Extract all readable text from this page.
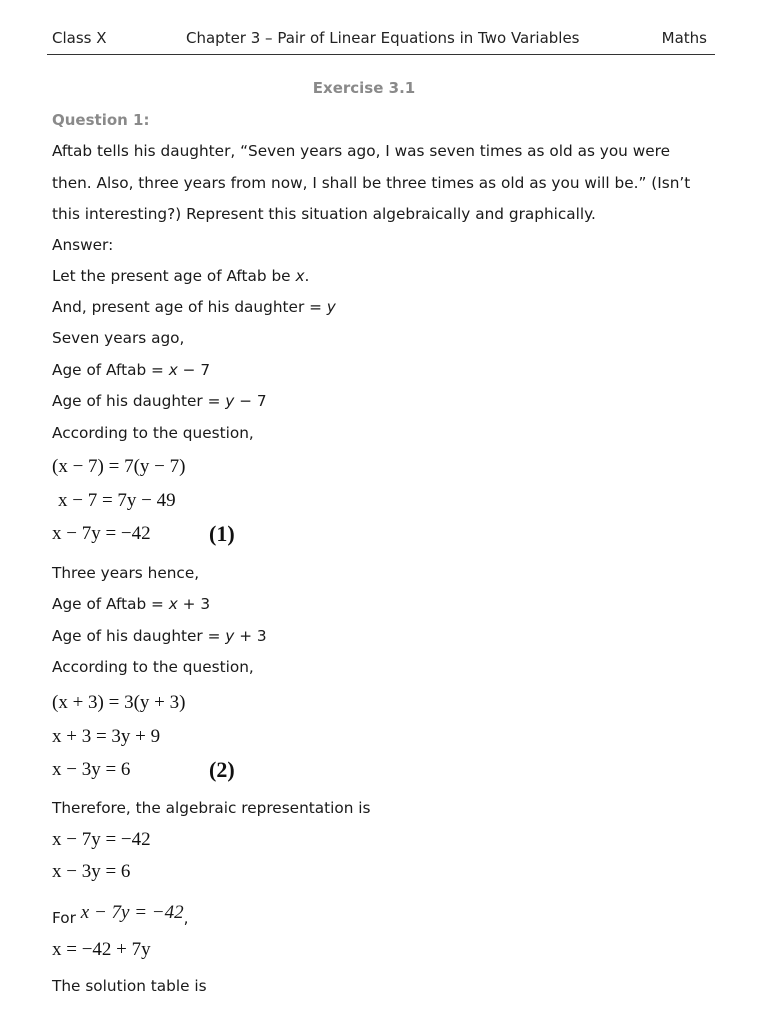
Class X	Chapter 3 – Pair of Linear Equations in Two Variables	Maths
Exercise 3.1
Question 1:
Aftab tells his daughter, “Seven years ago, I was seven times as old as you were
then. Also, three years from now, I shall be three times as old as you will be.” (Isn’t
this interesting?) Represent this situation algebraically and graphically.
Answer:
Let the present age of Aftab be x.
And, present age of his daughter = y
Seven years ago,
Age of Aftab = x − 7
Age of his daughter = y − 7
According to the question,
(x − 7) = 7(y − 7)
x − 7 = 7y − 49
x − 7y = −42	(1)
Three years hence,
Age of Aftab = x + 3
Age of his daughter = y + 3
According to the question,
(x + 3) = 3(y + 3)
x + 3 = 3y + 9
x − 3y = 6	(2)
Therefore, the algebraic representation is
x − 7y = −42
x − 3y = 6
For x − 7y = −42,
x = −42 + 7y
The solution table is
